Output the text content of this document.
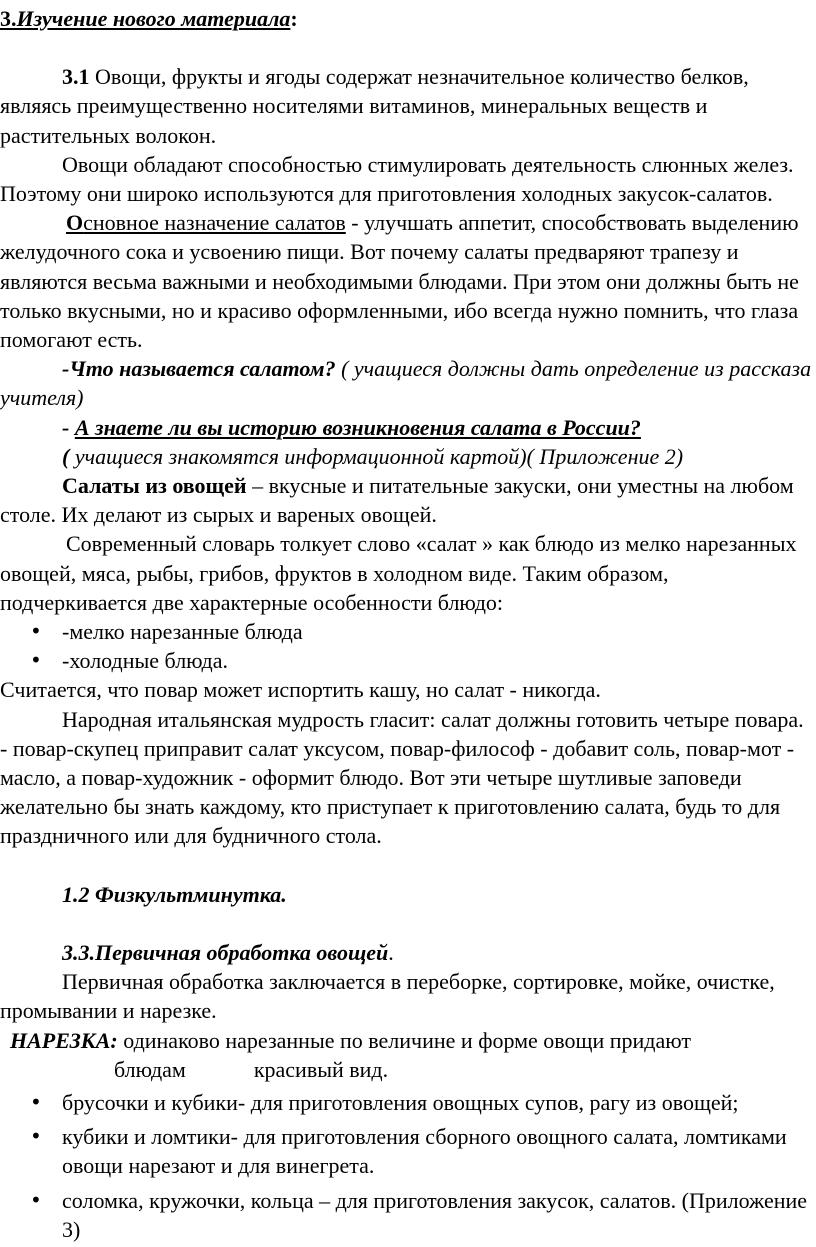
3.Изучение нового материала:

3.1 Овощи, фрукты и ягоды содержат незначительное количество белков, являясь преимущественно носителями витаминов, минеральных веществ и растительных волокон.

Овощи обладают способностью стимулировать деятельность слюнных желез. Поэтому они широко используются для приготовления холодных закусок-салатов.

Основное назначение салатов - улучшать аппетит, способствовать выделению желудочного сока и усвоению пищи. Вот почему салаты предваряют трапезу и являются весьма важными и необходимыми блюдами. При этом они должны быть не только вкусными, но и красиво оформленными, ибо всегда нужно помнить, что глаза помогают есть.

-Что называется салатом? ( учащиеся должны дать определение из рассказа учителя)

- А знаете ли вы историю возникновения салата в России?

( учащиеся знакомятся информационной картой)( Приложение 2)

Салаты из овощей – вкусные и питательные закуски, они уместны на любом столе. Их делают из сырых и вареных овощей.

Современный словарь толкует слово «салат » как блюдо из мелко нарезанных овощей, мяса, рыбы, грибов, фруктов в холодном виде. Таким образом, подчеркивается две характерные особенности блюдо:

• -мелко нарезанные блюда
• -холодные блюда.

Считается, что повар может испортить кашу, но салат - никогда.

Народная итальянская мудрость гласит: салат должны готовить четыре повара. - повар-скупец приправит салат уксусом, повар-философ - добавит соль, повар-мот - масло, а повар-художник - оформит блюдо. Вот эти четыре шутливые заповеди желательно бы знать каждому, кто приступает к приготовлению салата, будь то для праздничного или для будничного стола.

1.2 Физкультминутка.

3.3.Первичная обработка овощей.

Первичная обработка заключается в переборке, сортировке, мойке, очистке, промывании и нарезке.

НАРЕЗКА: одинаково нарезанные по величине и форме овощи придают

блюдам	красивый вид.

• брусочки и кубики- для приготовления овощных супов, рагу из овощей;
• кубики и ломтики- для приготовления сборного овощного салата, ломтиками овощи нарезают и для винегрета.
• соломка, кружочки, кольца – для приготовления закусок, салатов. (Приложение 3)
